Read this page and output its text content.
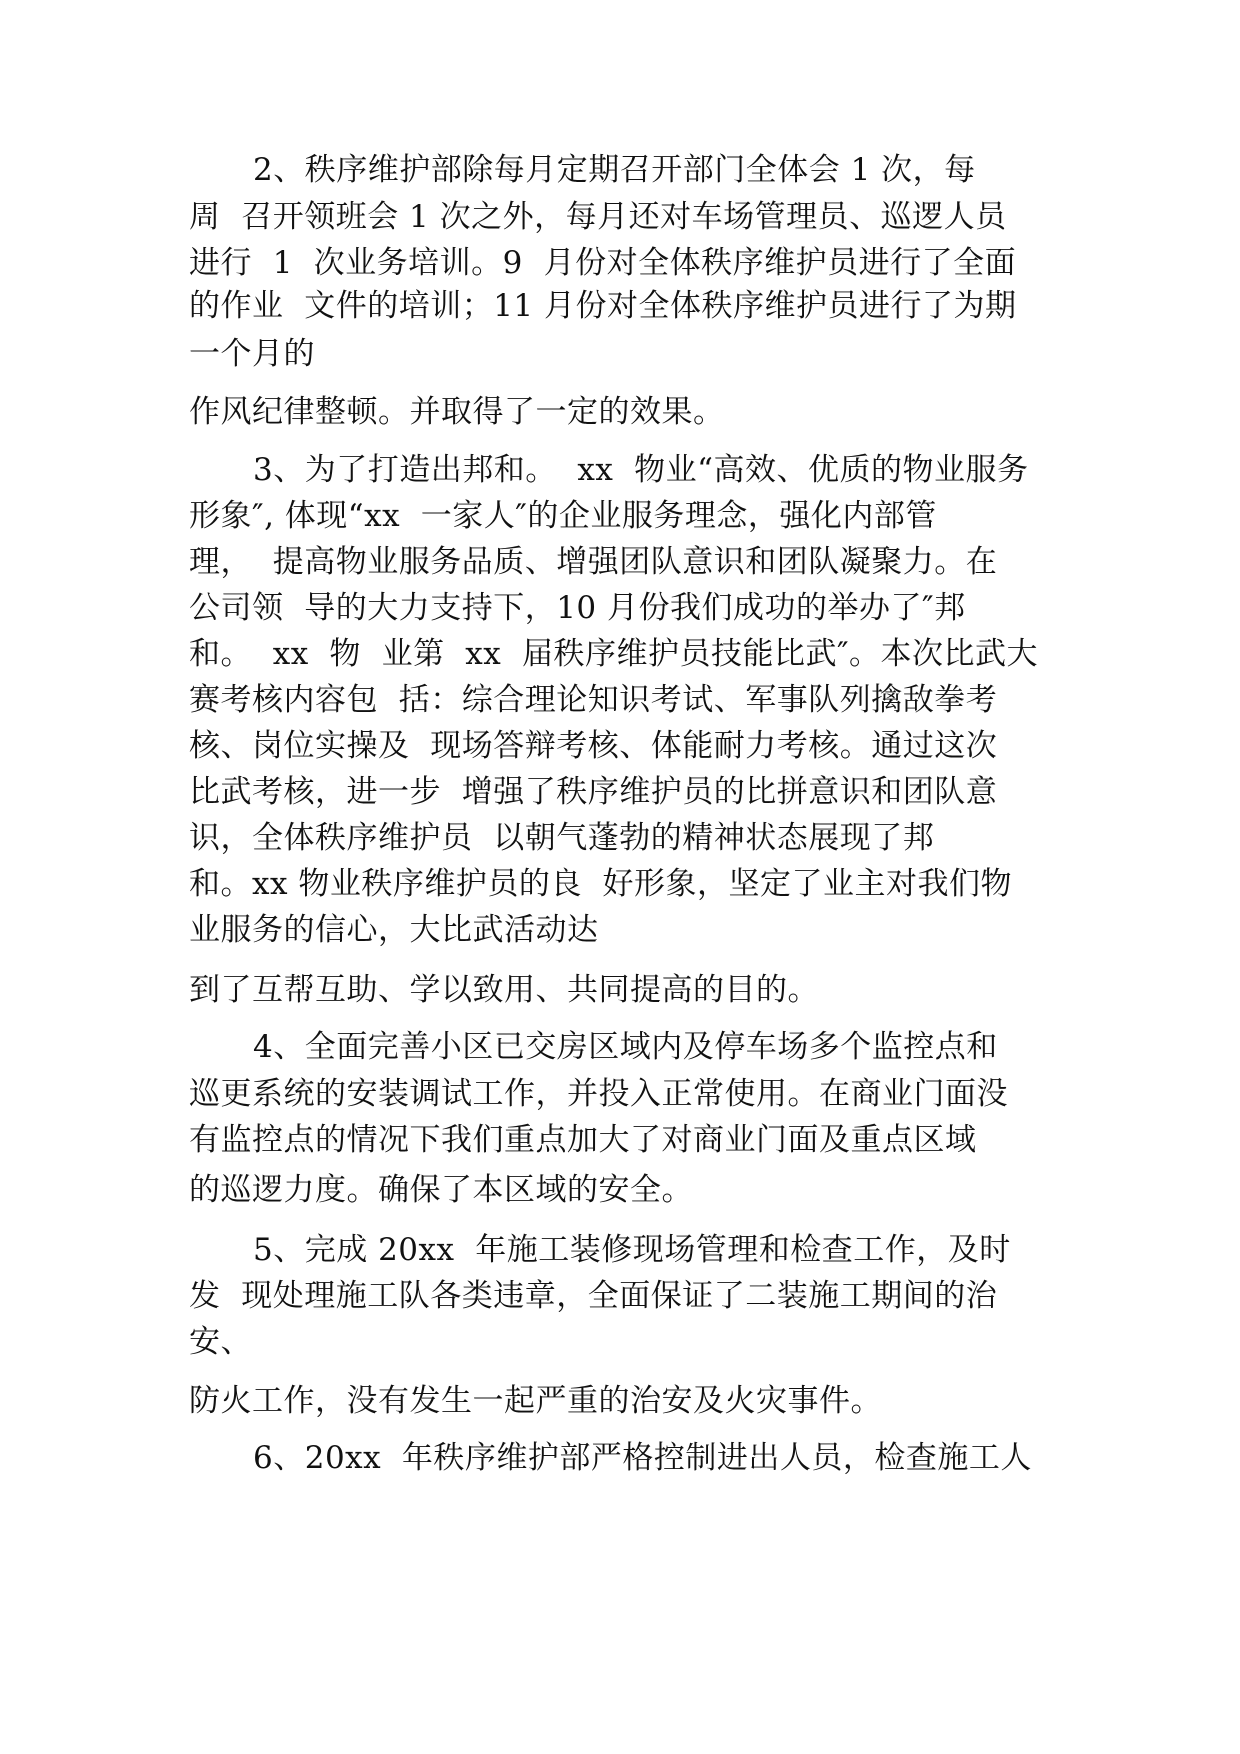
2、秩序维护部除每月定期召开部门全体会 1 次，每
周  召开领班会 1 次之外，每月还对车场管理员、巡逻人员
进行  1  次业务培训。9  月份对全体秩序维护员进行了全面
的作业  文件的培训；11 月份对全体秩序维护员进行了为期
一个月的
作风纪律整顿。并取得了一定的效果。
3、为了打造出邦和。  xx  物业“高效、优质的物业服务
形象″, 体现“xx  一家人″的企业服务理念，强化内部管
理，  提高物业服务品质、增强团队意识和团队凝聚力。在
公司领  导的大力支持下，10 月份我们成功的举办了″邦
和。  xx  物  业第  xx  届秩序维护员技能比武″。本次比武大
赛考核内容包  括：综合理论知识考试、军事队列擒敌拳考
核、岗位实操及  现场答辩考核、体能耐力考核。通过这次
比武考核，进一步  增强了秩序维护员的比拼意识和团队意
识，全体秩序维护员  以朝气蓬勃的精神状态展现了邦
和。xx 物业秩序维护员的良  好形象，坚定了业主对我们物
业服务的信心，大比武活动达
到了互帮互助、学以致用、共同提高的目的。
4、全面完善小区已交房区域内及停车场多个监控点和
巡更系统的安装调试工作，并投入正常使用。在商业门面没
有监控点的情况下我们重点加大了对商业门面及重点区域
的巡逻力度。确保了本区域的安全。
5、完成 20xx  年施工装修现场管理和检查工作，及时
发  现处理施工队各类违章，全面保证了二装施工期间的治
安、
防火工作，没有发生一起严重的治安及火灾事件。
6、20xx  年秩序维护部严格控制进出人员，检查施工人
